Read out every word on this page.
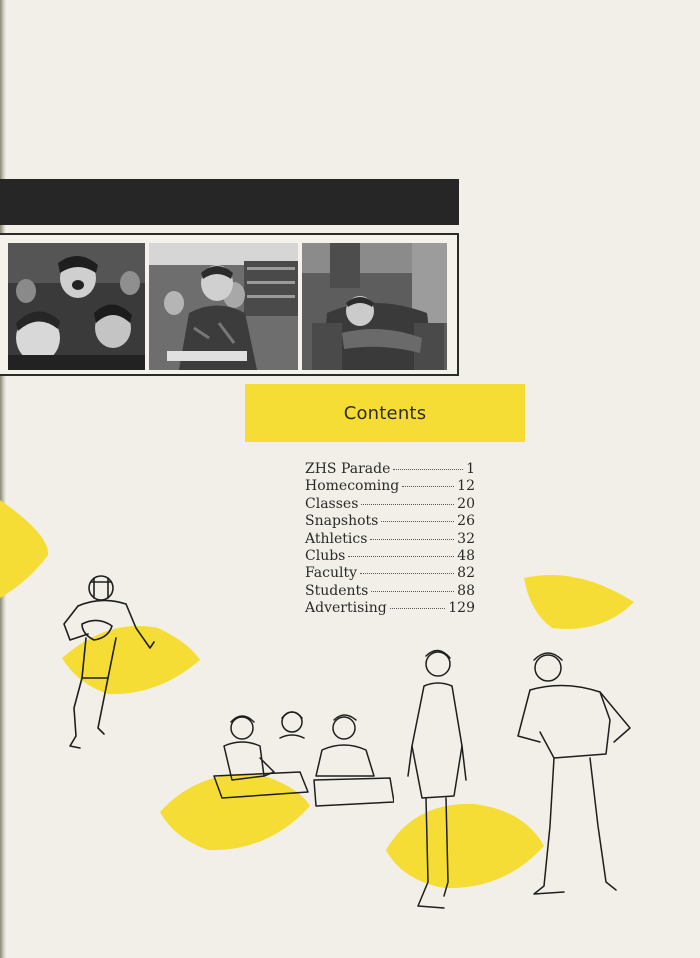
Contents
ZHS Parade	1
Homecoming	12
Classes	20
Snapshots	26
Athletics	32
Clubs	48
Faculty	82
Students	88
Advertising	129
